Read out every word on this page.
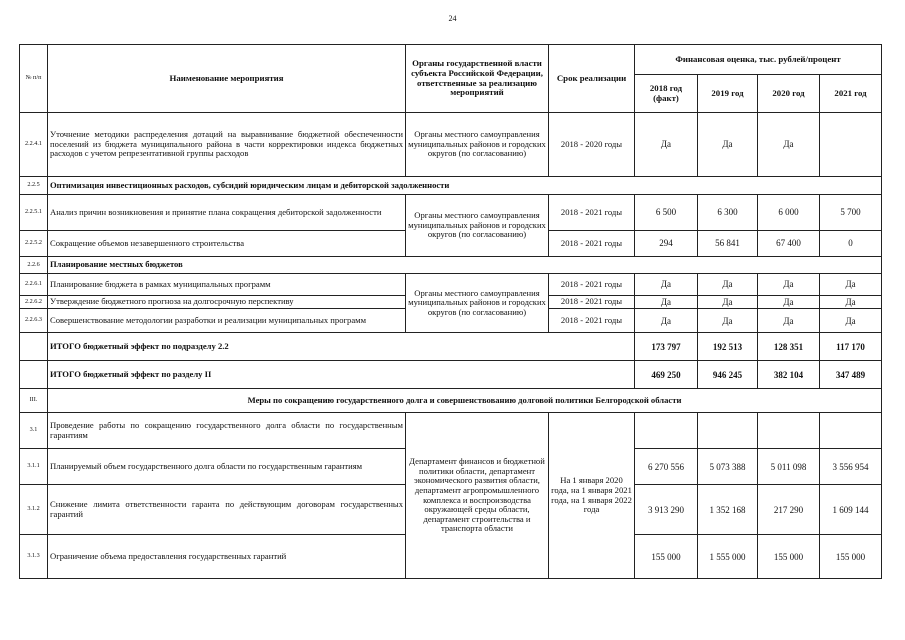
24
№ п/п	Наименование мероприятия	Органы государственной власти субъекта Российской Федерации, ответственные за реализацию мероприятий	Срок реализации	Финансовая оценка, тыс. рублей/процент			
				2018 год (факт)	2019 год	2020 год	2021 год
2.2.4.1	Уточнение методики распределения дотаций на выравнивание бюджетной обеспеченности поселений из бюджета муниципального района в части корректировки индекса бюджетных расходов с учетом репрезентативной группы расходов	Органы местного самоуправления муниципальных районов и городских округов (по согласованию)	2018 - 2020 годы	Да	Да	Да	
2.2.5	Оптимизация инвестиционных расходов, субсидий юридическим лицам и дебиторской задолженности						
2.2.5.1	Анализ причин возникновения и принятие плана сокращения дебиторской задолженности	Органы местного самоуправления муниципальных районов и городских округов (по согласованию)	2018 - 2021 годы	6 500	6 300	6 000	5 700
2.2.5.2	Сокращение объемов незавершенного строительства		2018 - 2021 годы	294	56 841	67 400	0
2.2.6	Планирование местных бюджетов						
2.2.6.1	Планирование бюджета в рамках муниципальных программ	Органы местного самоуправления муниципальных районов и городских округов (по согласованию)	2018 - 2021 годы	Да	Да	Да	Да
2.2.6.2	Утверждение бюджетного прогноза на долгосрочную перспективу		2018 - 2021 годы	Да	Да	Да	Да
2.2.6.3	Совершенствование методологии разработки и реализации муниципальных программ		2018 - 2021 годы	Да	Да	Да	Да
	ИТОГО бюджетный эффект по подразделу 2.2			173 797	192 513	128 351	117 170
	ИТОГО бюджетный эффект по разделу II			469 250	946 245	382 104	347 489
III.	Меры по сокращению государственного долга и совершенствованию долговой политики Белгородской области						
3.1	Проведение работы по сокращению государственного долга области по государственным гарантиям	Департамент финансов и бюджетной политики области, департамент экономического развития области, департамент агропромышленного комплекса и воспроизводства окружающей среды области, департамент строительства и транспорта области	На 1 января 2020 года, на 1 января 2021 года, на 1 января 2022 года				
3.1.1	Планируемый объем государственного долга области по государственным гарантиям			6 270 556	5 073 388	5 011 098	3 556 954
3.1.2	Снижение лимита ответственности гаранта по действующим договорам государственных гарантий			3 913 290	1 352 168	217 290	1 609 144
3.1.3	Ограничение объема предоставления государственных гарантий			155 000	1 555 000	155 000	155 000
